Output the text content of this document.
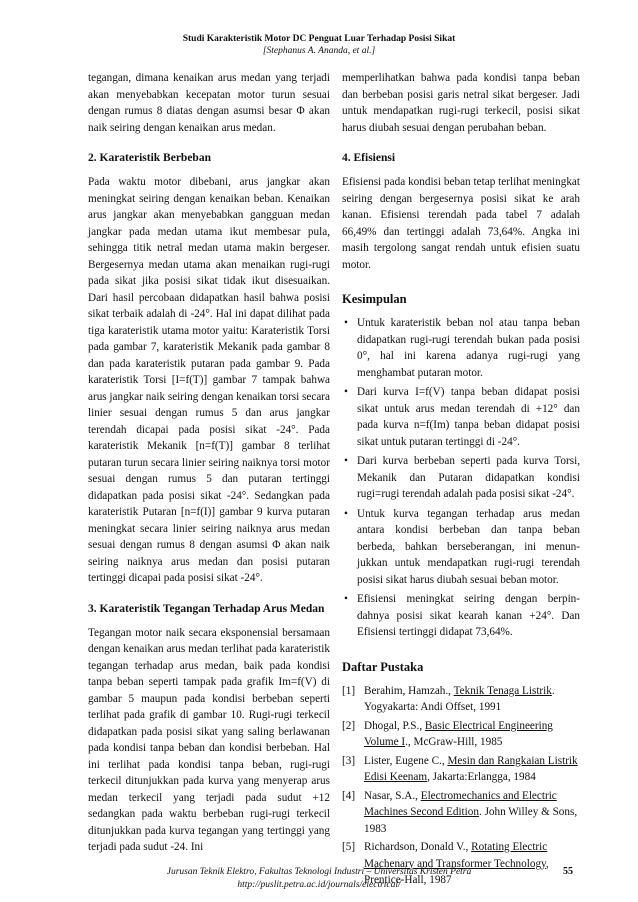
Studi Karakteristik Motor DC Penguat Luar Terhadap Posisi Sikat
[Stephanus A. Ananda, et al.]

tegangan, dimana kenaikan arus medan yang terjadi akan menyebabkan kecepatan motor turun sesuai dengan rumus 8 diatas dengan asumsi besar Φ akan naik seiring dengan kenaikan arus medan.

2. Karateristik Berbeban

Pada waktu motor dibebani, arus jangkar akan meningkat seiring dengan kenaikan beban. Kenaikan arus jangkar akan menyebabkan gangguan medan jangkar pada medan utama ikut membesar pula, sehingga titik netral medan utama makin bergeser. Bergesernya medan utama akan menaikan rugi-rugi pada sikat jika posisi sikat tidak ikut disesuaikan. Dari hasil percobaan didapatkan hasil bahwa posisi sikat terbaik adalah di -24°. Hal ini dapat dilihat pada tiga karateristik utama motor yaitu: Karateristik Torsi pada gambar 7, karateristik Mekanik pada gambar 8 dan pada karateristik putaran pada gambar 9. Pada karateristik Torsi [I=f(T)] gambar 7 tampak bahwa arus jangkar naik seiring dengan kenaikan torsi secara linier sesuai dengan rumus 5 dan arus jangkar terendah dicapai pada posisi sikat -24°. Pada karateristik Mekanik [n=f(T)] gambar 8 terlihat putaran turun secara linier seiring naiknya torsi motor sesuai dengan rumus 5 dan putaran tertinggi didapatkan pada posisi sikat -24°. Sedangkan pada karateristik Putaran [n=f(I)] gambar 9 kurva putaran meningkat secara linier seiring naiknya arus medan sesuai dengan rumus 8 dengan asumsi Φ akan naik seiring naiknya arus medan dan posisi putaran tertinggi dicapai pada posisi sikat -24°.

3. Karateristik Tegangan Terhadap Arus Medan

Tegangan motor naik secara eksponensial bersamaan dengan kenaikan arus medan terlihat pada karateristik tegangan terhadap arus medan, baik pada kondisi tanpa beban seperti tampak pada grafik Im=f(V) di gambar 5 maupun pada kondisi berbeban seperti terlihat pada grafik di gambar 10. Rugi-rugi terkecil didapatkan pada posisi sikat yang saling berlawanan pada kondisi tanpa beban dan kondisi berbeban. Hal ini terlihat pada kondisi tanpa beban, rugi-rugi terkecil ditunjukkan pada kurva yang menyerap arus medan terkecil yang terjadi pada sudut +12 sedangkan pada waktu berbeban rugi-rugi terkecil ditunjukkan pada kurva tegangan yang tertinggi yang terjadi pada sudut -24. Ini

memperlihatkan bahwa pada kondisi tanpa beban dan berbeban posisi garis netral sikat bergeser. Jadi untuk mendapatkan rugi-rugi terkecil, posisi sikat harus diubah sesuai dengan perubahan beban.

4. Efisiensi

Efisiensi pada kondisi beban tetap terlihat meningkat seiring dengan bergesernya posisi sikat ke arah kanan. Efisiensi terendah pada tabel 7 adalah 66,49% dan tertinggi adalah 73,64%. Angka ini masih tergolong sangat rendah untuk efisien suatu motor.

Kesimpulan
• Untuk karateristik beban nol atau tanpa beban didapatkan rugi-rugi terendah bukan pada posisi 0°, hal ini karena adanya rugi-rugi yang menghambat putaran motor.
• Dari kurva I=f(V) tanpa beban didapat posisi sikat untuk arus medan terendah di +12° dan pada kurva n=f(Im) tanpa beban didapat posisi sikat untuk putaran tertinggi di -24°.
• Dari kurva berbeban seperti pada kurva Torsi, Mekanik dan Putaran didapatkan kondisi rugi=rugi terendah adalah pada posisi sikat -24°.
• Untuk kurva tegangan terhadap arus medan antara kondisi berbeban dan tanpa beban berbeda, bahkan berseberangan, ini menun-jukkan untuk mendapatkan rugi-rugi terendah posisi sikat harus diubah sesuai beban motor.
• Efisiensi meningkat seiring dengan berpin-dahnya posisi sikat kearah kanan +24°. Dan Efisiensi tertinggi didapat 73,64%.
Daftar Pustaka
[1] Berahim, Hamzah., Teknik Tenaga Listrik. Yogyakarta: Andi Offset, 1991
[2] Dhogal, P.S., Basic Electrical Engineering Volume I., McGraw-Hill, 1985
[3] Lister, Eugene C., Mesin dan Rangkaian Listrik Edisi Keenam, Jakarta:Erlangga, 1984
[4] Nasar, S.A., Electromechanics and Electric Machines Second Edition. John Willey & Sons, 1983
[5] Richardson, Donald V., Rotating Electric Machenary and Transformer Technology, Prentice-Hall, 1987
Jurusan Teknik Elektro, Fakultas Teknologi Industri – Universitas Kristen Petra
http://puslit.petra.ac.id/journals/electrical/
55
